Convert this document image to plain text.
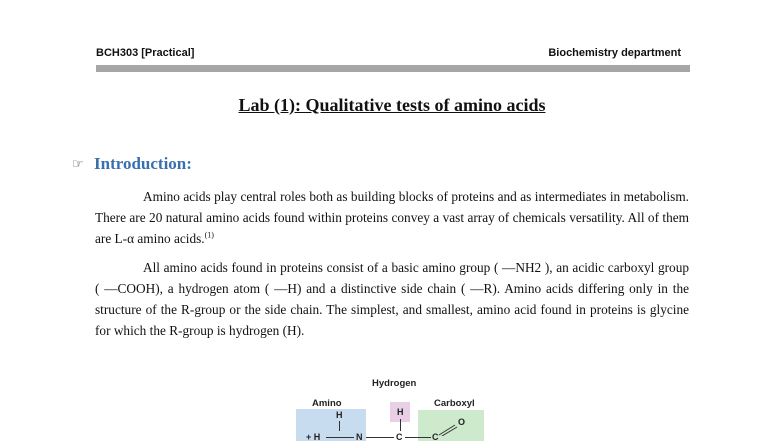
BCH303 [Practical]	Biochemistry department
Lab (1): Qualitative tests of amino acids
☞ Introduction:
Amino acids play central roles both as building blocks of proteins and as intermediates in metabolism. There are 20 natural amino acids found within proteins convey a vast array of chemicals versatility. All of them are L-α amino acids.$^{(1)}$
All amino acids found in proteins consist of a basic amino group ( —NH2 ), an acidic carboxyl group ( —COOH), a hydrogen atom ( —H) and a distinctive side chain ( —R). Amino acids differing only in the structure of the R-group or the side chain. The simplest, and smallest, amino acid found in proteins is glycine for which the R-group is hydrogen (H).
Hydrogen
Amino	Carboxyl
H	H
O
+ H	N	C	C
